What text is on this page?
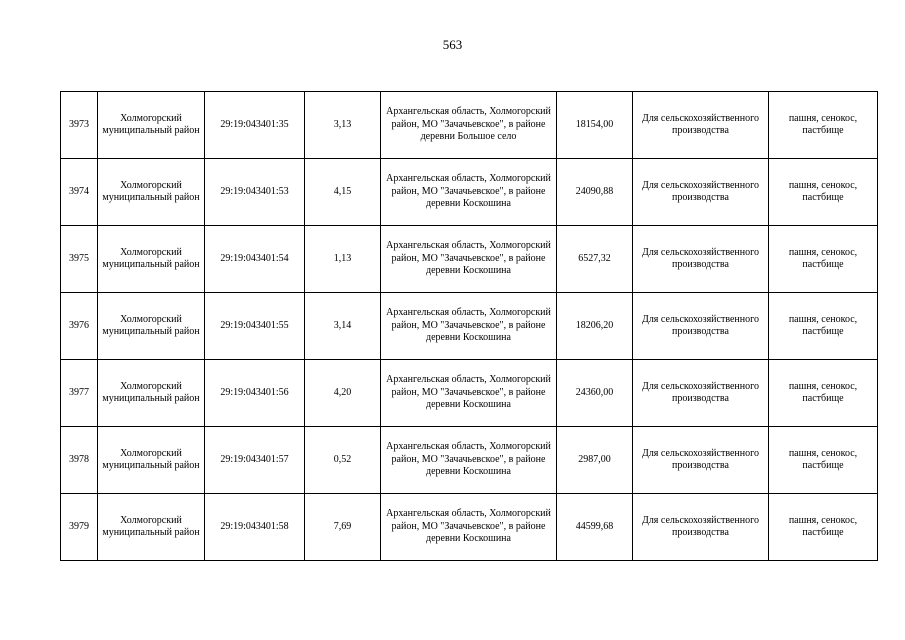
563
3973	Холмогорский муниципальный район	29:19:043401:35	3,13	Архангельская область, Холмогорский район, МО "Зачачьевское", в районе деревни Большое село	18154,00	Для сельскохозяйственного производства	пашня, сенокос, пастбище
3974	Холмогорский муниципальный район	29:19:043401:53	4,15	Архангельская область, Холмогорский район, МО "Зачачьевское", в районе деревни Коскошина	24090,88	Для сельскохозяйственного производства	пашня, сенокос, пастбище
3975	Холмогорский муниципальный район	29:19:043401:54	1,13	Архангельская область, Холмогорский район, МО "Зачачьевское", в районе деревни Коскошина	6527,32	Для сельскохозяйственного производства	пашня, сенокос, пастбище
3976	Холмогорский муниципальный район	29:19:043401:55	3,14	Архангельская область, Холмогорский район, МО "Зачачьевское", в районе деревни Коскошина	18206,20	Для сельскохозяйственного производства	пашня, сенокос, пастбище
3977	Холмогорский муниципальный район	29:19:043401:56	4,20	Архангельская область, Холмогорский район, МО "Зачачьевское", в районе деревни Коскошина	24360,00	Для сельскохозяйственного производства	пашня, сенокос, пастбище
3978	Холмогорский муниципальный район	29:19:043401:57	0,52	Архангельская область, Холмогорский район, МО "Зачачьевское", в районе деревни Коскошина	2987,00	Для сельскохозяйственного производства	пашня, сенокос, пастбище
3979	Холмогорский муниципальный район	29:19:043401:58	7,69	Архангельская область, Холмогорский район, МО "Зачачьевское", в районе деревни Коскошина	44599,68	Для сельскохозяйственного производства	пашня, сенокос, пастбище
